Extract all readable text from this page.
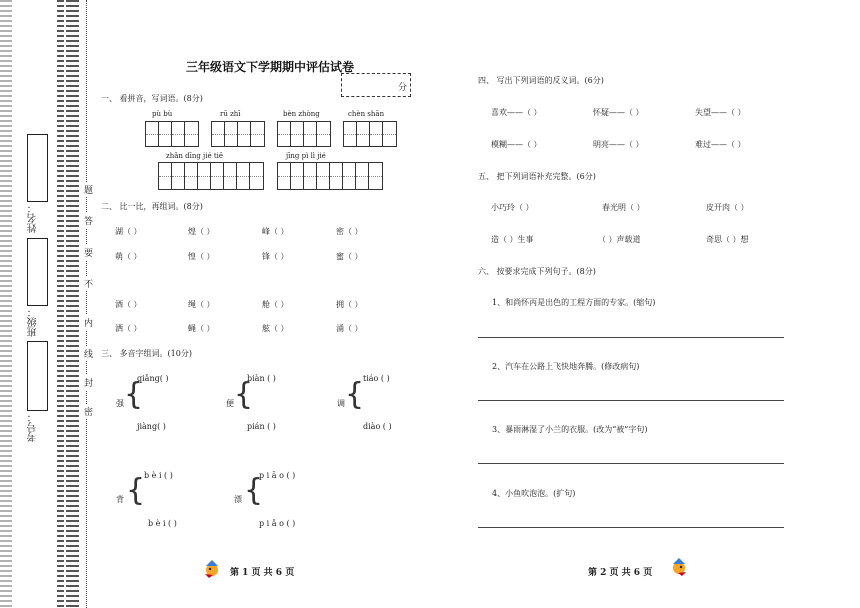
姓名：
班级：
考号：	密
封
线
内
不
要
答
题
三年级语文下学期期中评估试卷
分
一、 看拼音，写词语。(8分)
pù bù	rū zhī	bèn zhòng	chèn shān
zhǎn dīng jié tiě	jīng pì lì jié
二、 比一比，再组词。(8分)
湖（ ）	煌（ ）	峰（ ）	密（ ）
萌（ ）	惶（ ）	锋（ ）	蜜（ ）
酒（ ）	绳（ ）	舱（ ）	拥（ ）
洒（ ）	蝇（ ）	舷（ ）	涌（ ）
三、 多音字组词。(10分)
强 {
qiǎng( )
jiàng( )
便 {
biàn ( )
pián ( )
调 {
tiáo ( )
diào ( )
背 {
b è i ( )
b è i ( )
漂 {
p i ā o ( )
p i ǎ o ( )
第 1 页 共 6 页
四、 写出下列词语的反义词。(6分)
喜欢——（ ）	怀疑——（ ）	失望——（ ）
模糊——（ ）	明亮——（ ）	难过——（ ）
五、 把下列词语补充完整。(6分)
小巧玲（ ）	春光明（ ）	皮开肉（ ）
造（ ）生事	（ ）声载道	奇思（ ）想
六、 按要求完成下列句子。(8分)
1、和尚怀丙是出色的工程方面的专家。(缩句)
2、汽车在公路上飞快地奔腾。(修改病句)
3、暴雨淋湿了小兰的衣服。(改为“被”字句)
4、小鱼吹泡泡。(扩句)
第 2 页 共 6 页
